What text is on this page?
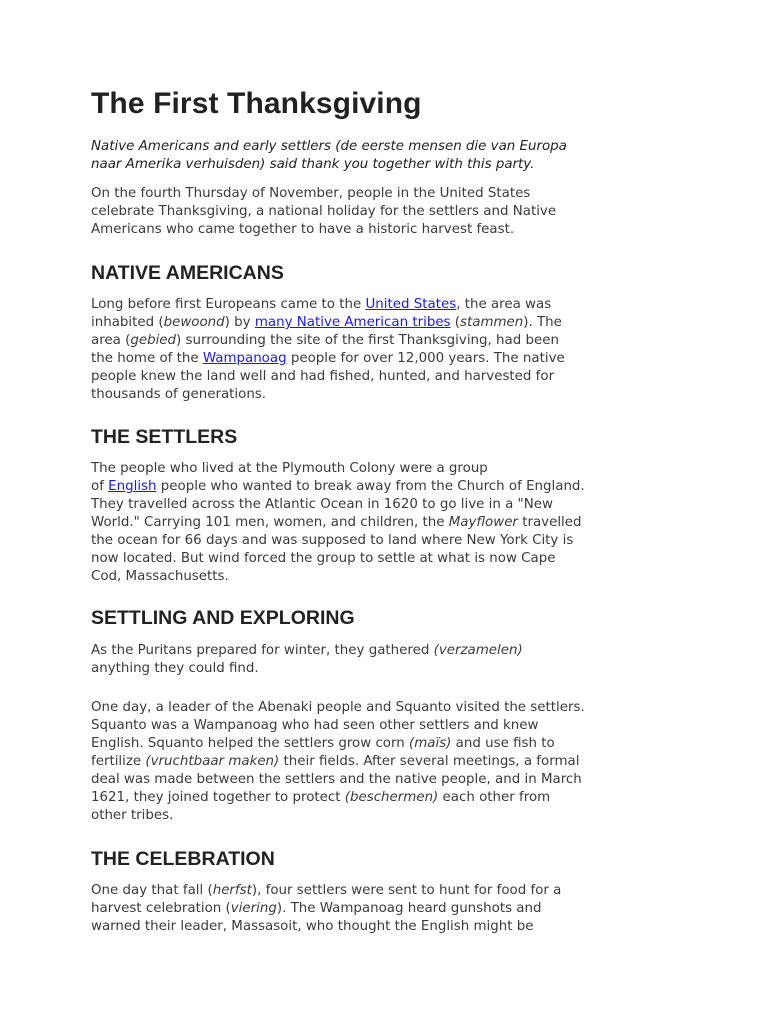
The First Thanksgiving

Native Americans and early settlers (de eerste mensen die van Europa
naar Amerika verhuisden) said thank you together with this party.

On the fourth Thursday of November, people in the United States
celebrate Thanksgiving, a national holiday for the settlers and Native
Americans who came together to have a historic harvest feast.

NATIVE AMERICANS

Long before first Europeans came to the United States, the area was
inhabited (bewoond) by many Native American tribes (stammen). The
area (gebied) surrounding the site of the first Thanksgiving, had been
the home of the Wampanoag people for over 12,000 years. The native
people knew the land well and had fished, hunted, and harvested for
thousands of generations.

THE SETTLERS

The people who lived at the Plymouth Colony were a group
of English people who wanted to break away from the Church of England.
They travelled across the Atlantic Ocean in 1620 to go live in a "New
World." Carrying 101 men, women, and children, the Mayflower travelled
the ocean for 66 days and was supposed to land where New York City is
now located. But wind forced the group to settle at what is now Cape
Cod, Massachusetts.

SETTLING AND EXPLORING

As the Puritans prepared for winter, they gathered (verzamelen)
anything they could find.

One day, a leader of the Abenaki people and Squanto visited the settlers.
Squanto was a Wampanoag who had seen other settlers and knew
English. Squanto helped the settlers grow corn (maïs) and use fish to
fertilize (vruchtbaar maken) their fields. After several meetings, a formal
deal was made between the settlers and the native people, and in March
1621, they joined together to protect (beschermen) each other from
other tribes.

THE CELEBRATION

One day that fall (herfst), four settlers were sent to hunt for food for a
harvest celebration (viering). The Wampanoag heard gunshots and
warned their leader, Massasoit, who thought the English might be
